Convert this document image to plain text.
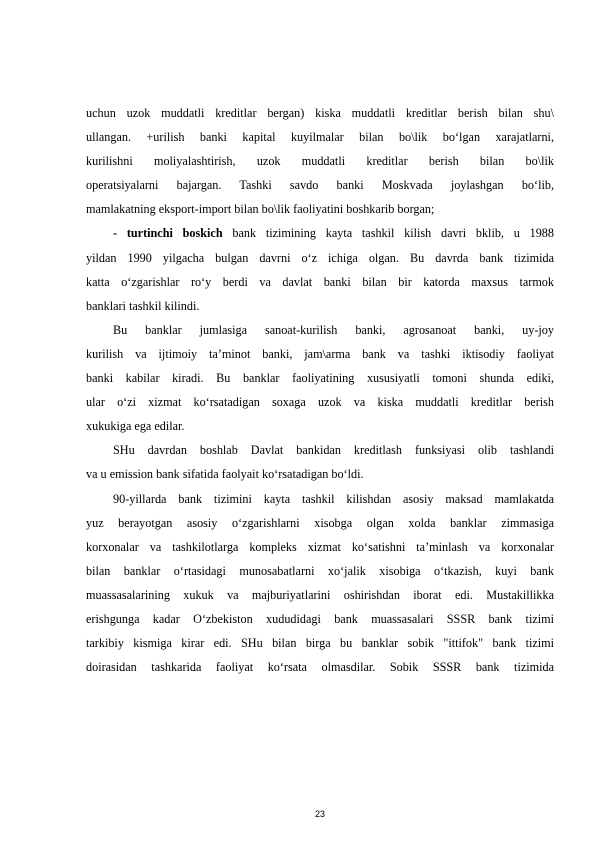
uchun uzok muddatli kreditlar bergan) kiska muddatli kreditlar berish bilan shu\
ullangan. +urilish banki kapital kuyilmalar bilan bo\lik bo‘lgan xarajatlarni,
kurilishni moliyalashtirish, uzok muddatli kreditlar berish bilan bo\lik
operatsiyalarni bajargan. Tashki savdo banki Moskvada joylashgan bo‘lib,
mamlakatning eksport-import bilan bo\lik faoliyatini boshkarib borgan;
- turtinchi boskich bank tizimining kayta tashkil kilish davri bklib, u 1988
yildan 1990 yilgacha bulgan davrni o‘z ichiga olgan. Bu davrda bank tizimida
katta o‘zgarishlar ro‘y berdi va davlat banki bilan bir katorda maxsus tarmok
banklari tashkil kilindi.
Bu banklar jumlasiga sanoat-kurilish banki, agrosanoat banki, uy-joy
kurilish va ijtimoiy ta’minot banki, jam\arma bank va tashki iktisodiy faoliyat
banki kabilar kiradi. Bu banklar faoliyatining xususiyatli tomoni shunda ediki,
ular o‘zi xizmat ko‘rsatadigan soxaga uzok va kiska muddatli kreditlar berish
xukukiga ega edilar.
SHu davrdan boshlab Davlat bankidan kreditlash funksiyasi olib tashlandi
va u emission bank sifatida faolyait ko‘rsatadigan bo‘ldi.
90-yillarda bank tizimini kayta tashkil kilishdan asosiy maksad mamlakatda
yuz berayotgan asosiy o‘zgarishlarni xisobga olgan xolda banklar zimmasiga
korxonalar va tashkilotlarga kompleks xizmat ko‘satishni ta’minlash va korxonalar
bilan banklar o‘rtasidagi munosabatlarni xo‘jalik xisobiga o‘tkazish, kuyi bank
muassasalarining xukuk va majburiyatlarini oshirishdan iborat edi. Mustakillikka
erishgunga kadar O‘zbekiston xududidagi bank muassasalari SSSR bank tizimi
tarkibiy kismiga kirar edi. SHu bilan birga bu banklar sobik "ittifok" bank tizimi
doirasidan tashkarida faoliyat ko‘rsata olmasdilar. Sobik SSSR bank tizimida
23
